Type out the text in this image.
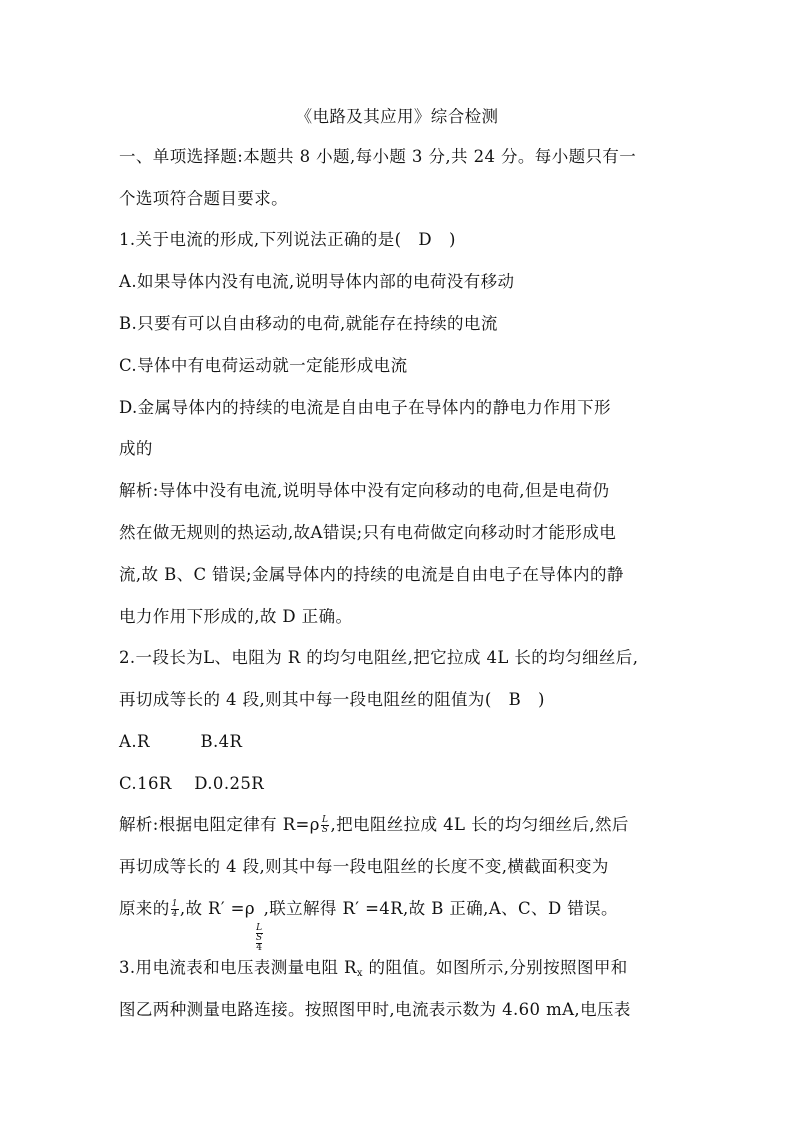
《电路及其应用》综合检测
一、单项选择题:本题共 8 小题,每小题 3 分,共 24 分。每小题只有一
个选项符合题目要求。
1.关于电流的形成,下列说法正确的是(　D　)
A.如果导体内没有电流,说明导体内部的电荷没有移动
B.只要有可以自由移动的电荷,就能存在持续的电流
C.导体中有电荷运动就一定能形成电流
D.金属导体内的持续的电流是自由电子在导体内的静电力作用下形
成的
解析:导体中没有电流,说明导体中没有定向移动的电荷,但是电荷仍
然在做无规则的热运动,故A错误;只有电荷做定向移动时才能形成电
流,故 B、C 错误;金属导体内的持续的电流是自由电子在导体内的静
电力作用下形成的,故 D 正确。
2.一段长为L、电阻为 R 的均匀电阻丝,把它拉成 4L 长的均匀细丝后,
再切成等长的 4 段,则其中每一段电阻丝的阻值为(　B　)
A.R　　　B.4R
C.16R　 D.0.25R
解析:根据电阻定律有 $R=\rho \frac{L}{S}$ ,把电阻丝拉成 4L 长的均匀细丝后,然后
再切成等长的 4 段,则其中每一段电阻丝的长度不变,横截面积变为
原来的 $\frac{1}{4}$ ,故 R′ =ρ
L
S
4
,联立解得 R′ =4R,故 B 正确,A、C、D 错误。
3.用电流表和电压表测量电阻 $R_x$ 的阻值。如图所示,分别按照图甲和
图乙两种测量电路连接。按照图甲时,电流表示数为 4.60 mA,电压表
